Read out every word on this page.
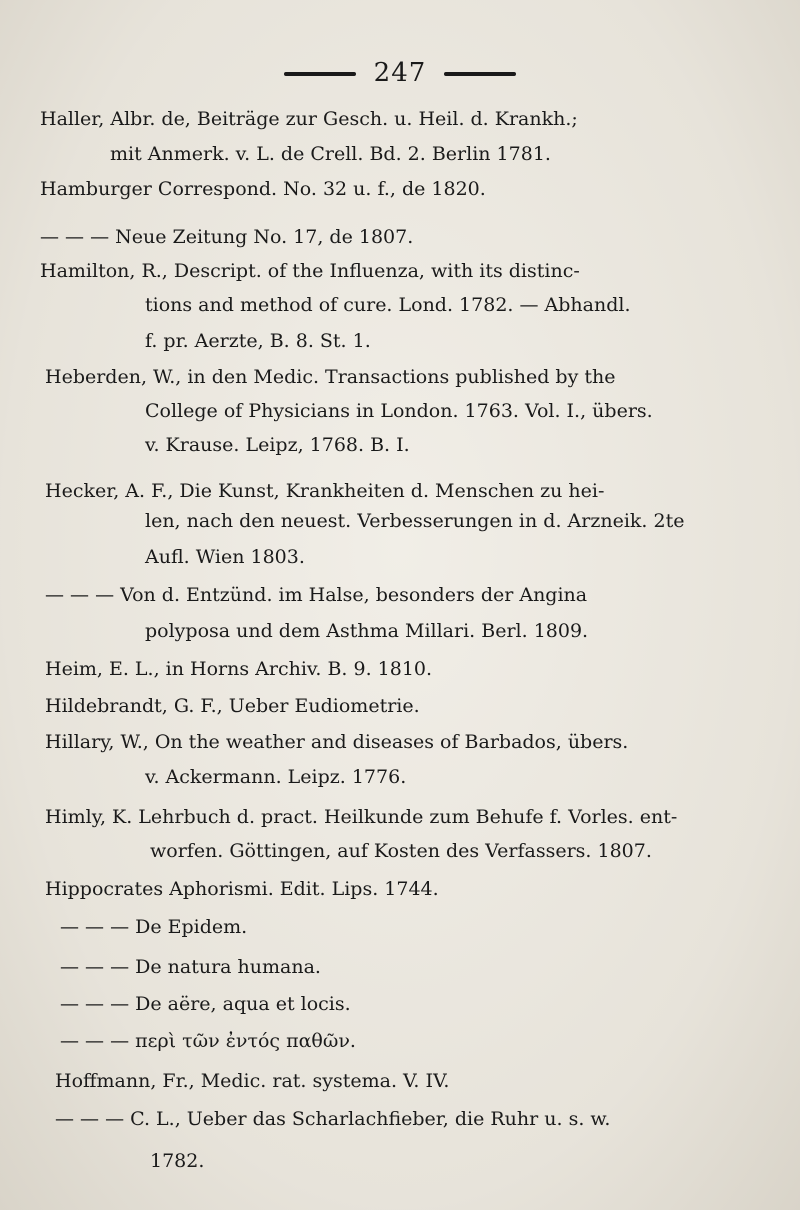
247
Haller, Albr. de, Beiträge zur Gesch. u. Heil. d. Krankh.;
mit Anmerk. v. L. de Crell. Bd. 2. Berlin 1781.
Hamburger Correspond. No. 32 u. f., de 1820.
— — — Neue Zeitung No. 17, de 1807.
Hamilton, R., Descript. of the Influenza, with its distinc-
tions and method of cure. Lond. 1782. — Abhandl.
f. pr. Aerzte, B. 8. St. 1.
Heberden, W., in den Medic. Transactions published by the
College of Physicians in London. 1763. Vol. I., übers.
v. Krause. Leipz, 1768. B. I.
Hecker, A. F., Die Kunst, Krankheiten d. Menschen zu hei-
len, nach den neuest. Verbesserungen in d. Arzneik. 2te
Aufl. Wien 1803.
— — — Von d. Entzünd. im Halse, besonders der Angina
polyposa und dem Asthma Millari. Berl. 1809.
Heim, E. L., in Horns Archiv. B. 9. 1810.
Hildebrandt, G. F., Ueber Eudiometrie.
Hillary, W., On the weather and diseases of Barbados, übers.
v. Ackermann. Leipz. 1776.
Himly, K. Lehrbuch d. pract. Heilkunde zum Behufe f. Vorles. ent-
worfen. Göttingen, auf Kosten des Verfassers. 1807.
Hippocrates Aphorismi. Edit. Lips. 1744.
— — — De Epidem.
— — — De natura humana.
— — — De aëre, aqua et locis.
— — — περὶ τῶν ἐντός παθῶν.
Hoffmann, Fr., Medic. rat. systema. V. IV.
— — — C. L., Ueber das Scharlachfieber, die Ruhr u. s. w.
1782.
